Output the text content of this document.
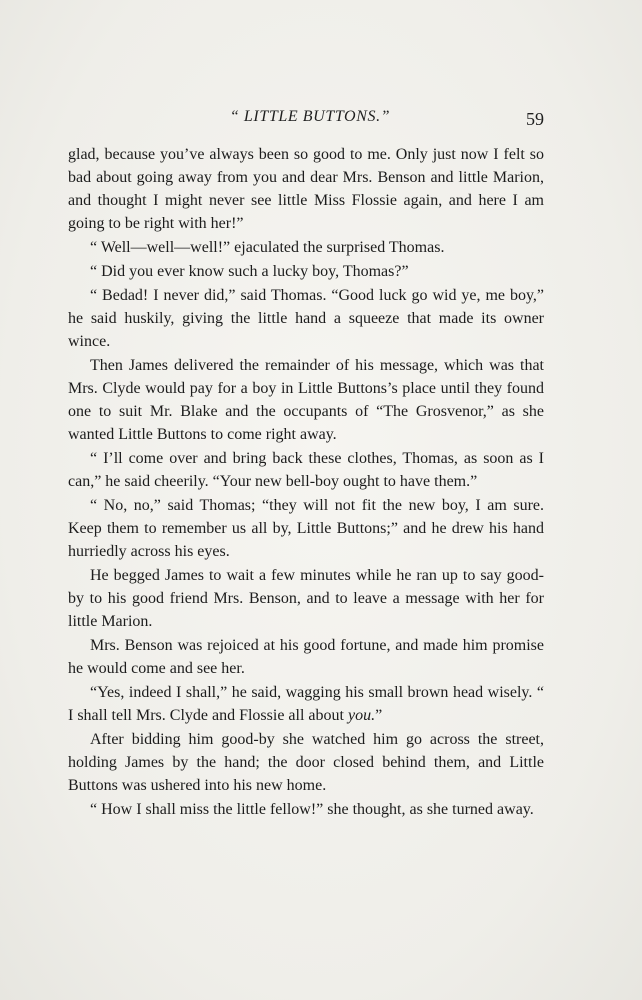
“ LITTLE BUTTONS.”	59

glad, because you’ve always been so good to me. Only just now I felt so bad about going away from you and dear Mrs. Benson and little Marion, and thought I might never see little Miss Flossie again, and here I am going to be right with her!”

“ Well—well—well!” ejaculated the surprised Thomas.

“ Did you ever know such a lucky boy, Thomas?”

“ Bedad! I never did,” said Thomas. “Good luck go wid ye, me boy,” he said huskily, giving the little hand a squeeze that made its owner wince.

Then James delivered the remainder of his message, which was that Mrs. Clyde would pay for a boy in Little Buttons’s place until they found one to suit Mr. Blake and the occupants of “The Grosvenor,” as she wanted Little Buttons to come right away.

“ I’ll come over and bring back these clothes, Thomas, as soon as I can,” he said cheerily. “Your new bell-boy ought to have them.”

“ No, no,” said Thomas; “they will not fit the new boy, I am sure. Keep them to remember us all by, Little Buttons;” and he drew his hand hurriedly across his eyes.

He begged James to wait a few minutes while he ran up to say good-by to his good friend Mrs. Benson, and to leave a message with her for little Marion.

Mrs. Benson was rejoiced at his good fortune, and made him promise he would come and see her.

“Yes, indeed I shall,” he said, wagging his small brown head wisely. “ I shall tell Mrs. Clyde and Flossie all about you.”

After bidding him good-by she watched him go across the street, holding James by the hand; the door closed behind them, and Little Buttons was ushered into his new home.

“ How I shall miss the little fellow!” she thought, as she turned away.
